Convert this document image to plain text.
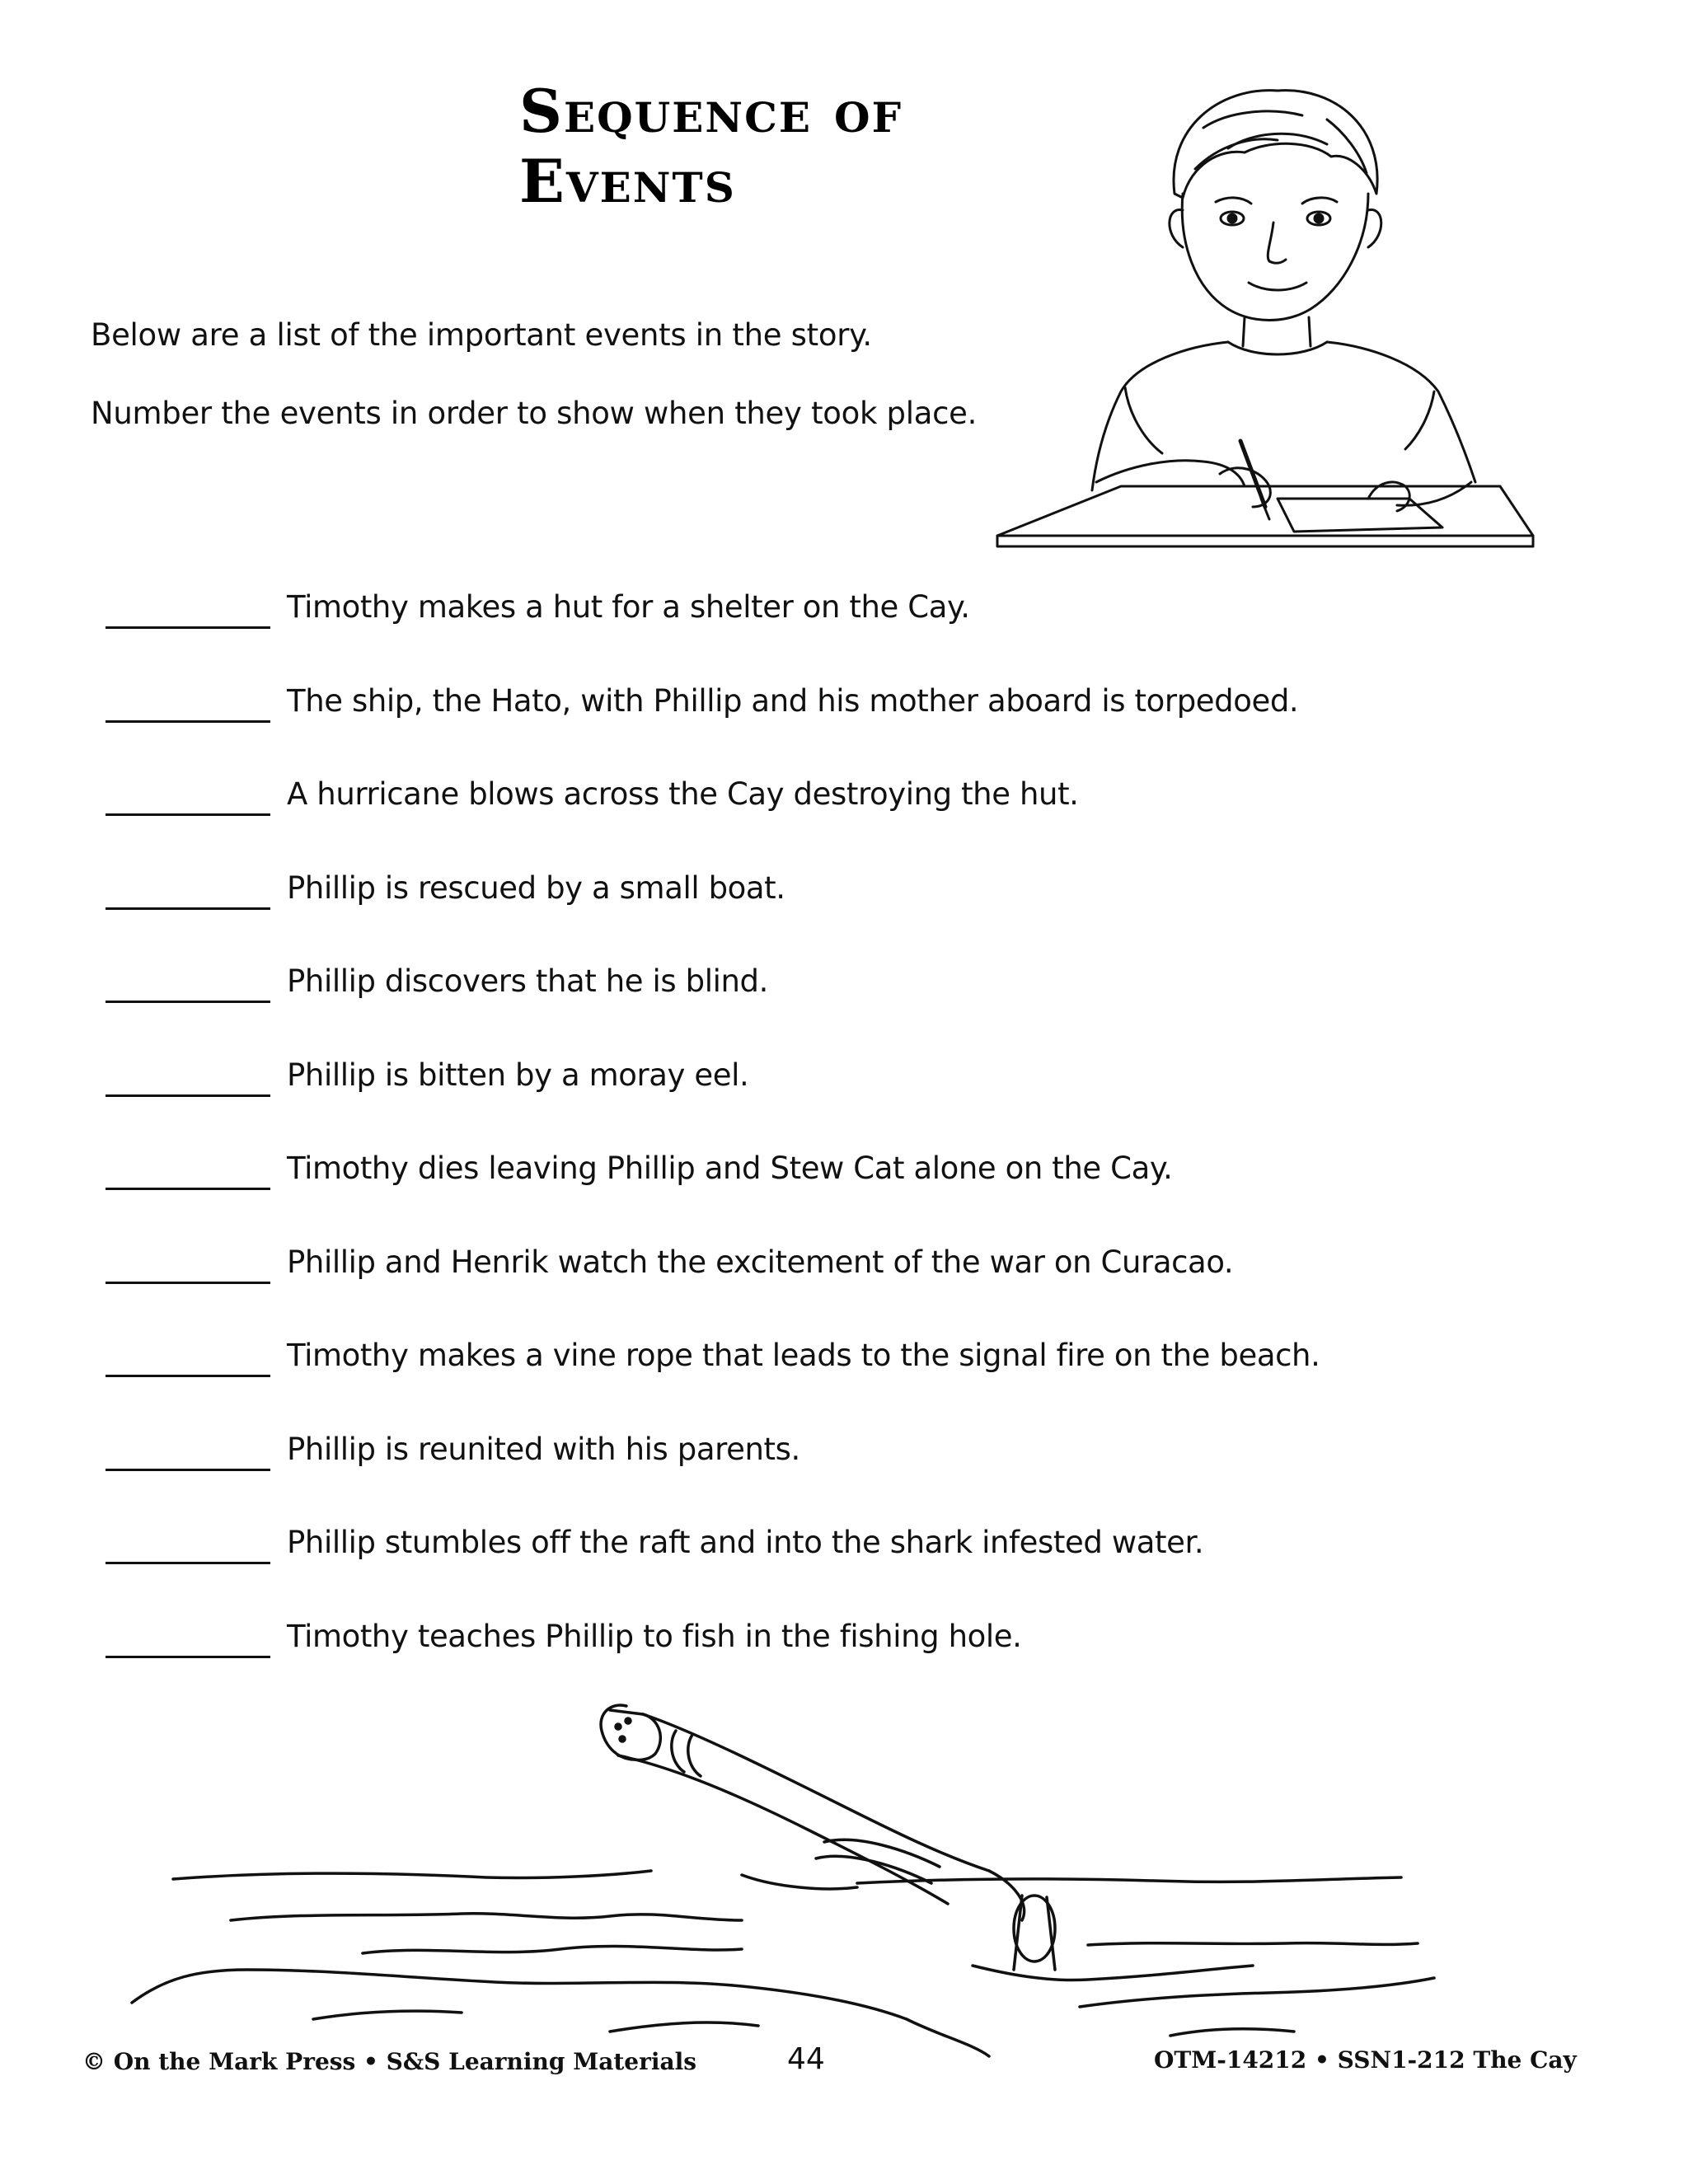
Sequence of Events
Below are a list of the important events in the story.
Number the events in order to show when they took place.
Timothy makes a hut for a shelter on the Cay.
The ship, the Hato, with Phillip and his mother aboard is torpedoed.
A hurricane blows across the Cay destroying the hut.
Phillip is rescued by a small boat.
Phillip discovers that he is blind.
Phillip is bitten by a moray eel.
Timothy dies leaving Phillip and Stew Cat alone on the Cay.
Phillip and Henrik watch the excitement of the war on Curacao.
Timothy makes a vine rope that leads to the signal fire on the beach.
Phillip is reunited with his parents.
Phillip stumbles off the raft and into the shark infested water.
Timothy teaches Phillip to fish in the fishing hole.
© On the Mark Press • S&S Learning Materials	44	OTM-14212 • SSN1-212 The Cay
